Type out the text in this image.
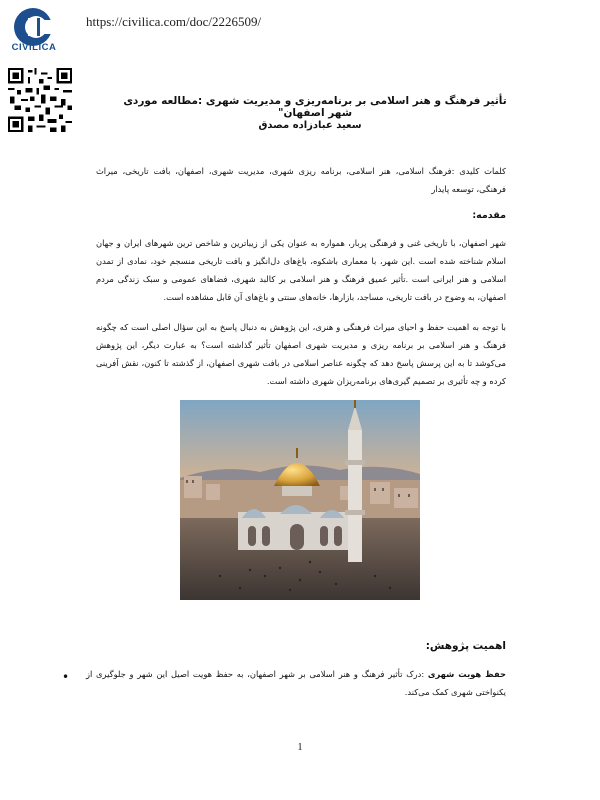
CIVILICA
https://civilica.com/doc/2226509/
تأثیر فرهنگ و هنر اسلامی بر برنامه‌ریزی و مدیریت شهری :مطالعه موردی شهر اصفهان"
سعید عبادزاده مصدق
کلمات کلیدی :فرهنگ اسلامی، هنر اسلامی، برنامه ریزی شهری، مدیریت شهری، اصفهان، بافت تاریخی، میراث فرهنگی، توسعه پایدار
مقدمه:
شهر اصفهان، با تاریخی غنی و فرهنگی پربار، همواره به عنوان یکی از زیباترین و شاخص ترین شهرهای ایران و جهان اسلام شناخته شده است .این شهر، با معماری باشکوه، باغ‌های دل‌انگیز و بافت تاریخی منسجم خود، نمادی از تمدن اسلامی و هنر ایرانی است .تأثیر عمیق فرهنگ و هنر اسلامی بر کالبد شهری، فضاهای عمومی و سبک زندگی مردم اصفهان، به وضوح در بافت تاریخی، مساجد، بازارها، خانه‌های سنتی و باغ‌های آن قابل مشاهده است.
با توجه به اهمیت حفظ و احیای میراث فرهنگی و هنری، این پژوهش به دنبال پاسخ به این سؤال اصلی است که چگونه فرهنگ و هنر اسلامی بر برنامه ریزی و مدیریت شهری اصفهان تأثیر گذاشته است؟ به عبارت دیگر، این پژوهش می‌کوشد تا به این پرسش پاسخ دهد که چگونه عناصر اسلامی در بافت شهری اصفهان، از گذشته تا کنون، نقش آفرینی کرده و چه تأثیری بر تصمیم گیری‌های برنامه‌ریزان شهری داشته است.
اهمیت پژوهش:
•	حفظ هویت شهری :درک تأثیر فرهنگ و هنر اسلامی بر شهر اصفهان، به حفظ هویت اصیل این شهر و جلوگیری از یکنواختی شهری کمک می‌کند.
1
